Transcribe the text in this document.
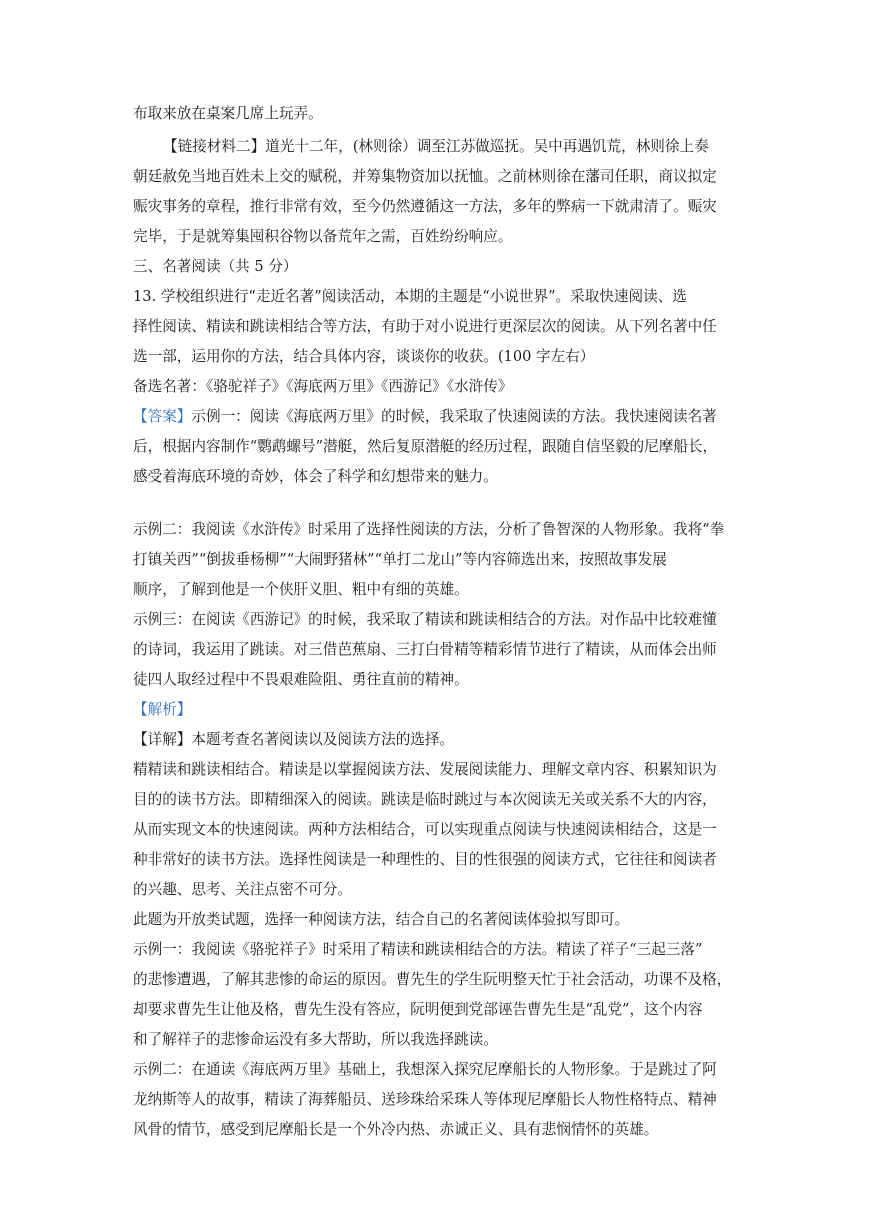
布取来放在桌案几席上玩弄。
【链接材料二】道光十二年，(林则徐）调至江苏做巡抚。吴中再遇饥荒，林则徐上奏
朝廷赦免当地百姓未上交的赋税，并筹集物资加以抚恤。之前林则徐在藩司任职，商议拟定
赈灾事务的章程，推行非常有效，至今仍然遵循这一方法，多年的弊病一下就肃清了。赈灾
完毕，于是就筹集囤积谷物以备荒年之需，百姓纷纷响应。
三、名著阅读（共 5 分）
13. 学校组织进行“走近名著”阅读活动，本期的主题是“小说世界”。采取快速阅读、选
择性阅读、精读和跳读相结合等方法，有助于对小说进行更深层次的阅读。从下列名著中任
选一部，运用你的方法，结合具体内容，谈谈你的收获。(100 字左右）
备选名著：《骆驼祥子》《海底两万里》《西游记》《水浒传》
【答案】示例一：阅读《海底两万里》的时候，我采取了快速阅读的方法。我快速阅读名著
后，根据内容制作“鹦鹉螺号”潜艇，然后复原潜艇的经历过程，跟随自信坚毅的尼摩船长，
感受着海底环境的奇妙，体会了科学和幻想带来的魅力。
示例二：我阅读《水浒传》时采用了选择性阅读的方法，分析了鲁智深的人物形象。我将“拳
打镇关西”“倒拔垂杨柳”“大闹野猪林”“单打二龙山”等内容筛选出来，按照故事发展
顺序，了解到他是一个侠肝义胆、粗中有细的英雄。
示例三：在阅读《西游记》的时候，我采取了精读和跳读相结合的方法。对作品中比较难懂
的诗词，我运用了跳读。对三借芭蕉扇、三打白骨精等精彩情节进行了精读，从而体会出师
徒四人取经过程中不畏艰难险阻、勇往直前的精神。
【解析】
【详解】本题考查名著阅读以及阅读方法的选择。
精精读和跳读相结合。精读是以掌握阅读方法、发展阅读能力、理解文章内容、积累知识为
目的的读书方法。即精细深入的阅读。跳读是临时跳过与本次阅读无关或关系不大的内容，
从而实现文本的快速阅读。两种方法相结合，可以实现重点阅读与快速阅读相结合，这是一
种非常好的读书方法。选择性阅读是一种理性的、目的性很强的阅读方式，它往往和阅读者
的兴趣、思考、关注点密不可分。
此题为开放类试题，选择一种阅读方法，结合自己的名著阅读体验拟写即可。
示例一：我阅读《骆驼祥子》时采用了精读和跳读相结合的方法。精读了祥子“三起三落”
的悲惨遭遇，了解其悲惨的命运的原因。曹先生的学生阮明整天忙于社会活动，功课不及格，
却要求曹先生让他及格，曹先生没有答应，阮明便到党部诬告曹先生是“乱党”，这个内容
和了解祥子的悲惨命运没有多大帮助，所以我选择跳读。
示例二：在通读《海底两万里》基础上，我想深入探究尼摩船长的人物形象。于是跳过了阿
龙纳斯等人的故事，精读了海葬船员、送珍珠给采珠人等体现尼摩船长人物性格特点、精神
风骨的情节，感受到尼摩船长是一个外冷内热、赤诚正义、具有悲悯情怀的英雄。
